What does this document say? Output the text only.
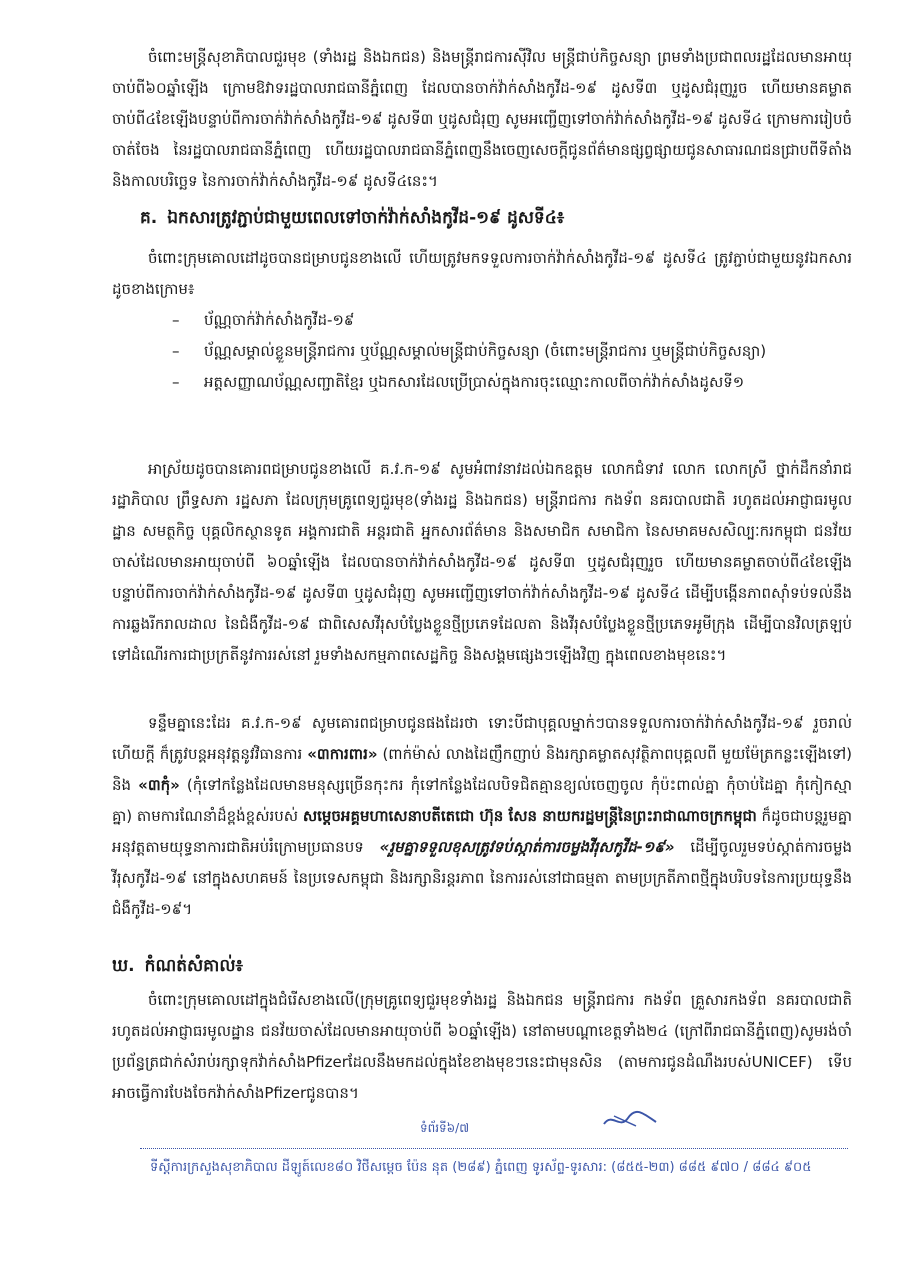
ចំពោះមន្ត្រីសុខាភិបាលជួរមុខ (ទាំងរដ្ឋ និងឯកជន) និងមន្ត្រីរាជការស៊ីវិល មន្ត្រីជាប់កិច្ចសន្យា ព្រមទាំងប្រជាពលរដ្ឋដែលមានអាយុចាប់ពី៦០ឆ្នាំឡើង ក្រោមឱវាទរដ្ឋបាលរាជធានីភ្នំពេញ ដែលបានចាក់វ៉ាក់សាំងកូវីដ-១៩ ដូសទី៣ ឬដូសជំរុញរួច ហើយមានគម្លាត ចាប់ពី៤ខែឡើងបន្ទាប់ពីការចាក់វ៉ាក់សាំងកូវីដ-១៩ ដូសទី៣ ឬដូសជំរុញ សូមអញ្ជើញទៅចាក់វ៉ាក់សាំងកូវីដ-១៩ ដូសទី៤ ក្រោមការរៀបចំចាត់ចែង នៃរដ្ឋបាលរាជធានីភ្នំពេញ ហើយរដ្ឋបាលរាជធានីភ្នំពេញនឹងចេញសេចក្តីជូនព័ត៌មានផ្សព្វផ្សាយជូនសាធារណជនជ្រាបពីទីតាំង និងកាលបរិច្ឆេទ នៃការចាក់វ៉ាក់សាំងកូវីដ-១៩ ដូសទី៤នេះ។

គ. ឯកសារត្រូវភ្ជាប់ជាមួយពេលទៅចាក់វ៉ាក់សាំងកូវីដ-១៩ ដូសទី៤៖

ចំពោះក្រុមគោលដៅដូចបានជម្រាបជូនខាងលើ ហើយត្រូវមកទទួលការចាក់វ៉ាក់សាំងកូវីដ-១៩ ដូសទី៤ ត្រូវភ្ជាប់ជាមួយនូវឯកសារដូចខាងក្រោម៖

– ប័ណ្ណចាក់វ៉ាក់សាំងកូវីដ-១៩
– ប័ណ្ណសម្គាល់ខ្លួនមន្ត្រីរាជការ ឬប័ណ្ណសម្គាល់មន្ត្រីជាប់កិច្ចសន្យា (ចំពោះមន្ត្រីរាជការ ឬមន្ត្រីជាប់កិច្ចសន្យា)
– អត្តសញ្ញាណប័ណ្ណសញ្ជាតិខ្មែរ ឬឯកសារដែលប្រើប្រាស់ក្នុងការចុះឈ្មោះកាលពីចាក់វ៉ាក់សាំងដូសទី១

អាស្រ័យដូចបានគោរពជម្រាបជូនខាងលើ គ.វ.ក-១៩ សូមអំពាវនាវដល់ឯកឧត្តម លោកជំទាវ លោក លោកស្រី ថ្នាក់ដឹកនាំរាជរដ្ឋាភិបាល ព្រឹទ្ធសភា រដ្ឋសភា ដែលក្រុមគ្រូពេទ្យជួរមុខ(ទាំងរដ្ឋ និងឯកជន) មន្ត្រីរាជការ កងទ័ព នគរបាលជាតិ រហូតដល់អាជ្ញាធរមូលដ្ឋាន សមត្ថកិច្ច បុគ្គលិកស្ថានទូត អង្គការជាតិ អន្តរជាតិ អ្នកសារព័ត៌មាន និងសមាជិក សមាជិកា នៃសមាគមសសិល្បៈករកម្ពុជា ជនវ័យចាស់ដែលមានអាយុចាប់ពី ៦០ឆ្នាំឡើង ដែលបានចាក់វ៉ាក់សាំងកូវីដ-១៩ ដូសទី៣ ឬដូសជំរុញរួច ហើយមានគម្លាតចាប់ពី៤ខែឡើង បន្ទាប់ពីការចាក់វ៉ាក់សាំងកូវីដ-១៩ ដូសទី៣ ឬដូសជំរុញ សូមអញ្ជើញទៅចាក់វ៉ាក់សាំងកូវីដ-១៩ ដូសទី៤ ដើម្បីបង្កើនភាពស៊ាំទប់ទល់នឹងការឆ្លងរីករាលដាល នៃជំងឺកូវីដ-១៩ ជាពិសេសវីរុសបំប្លែងខ្លួនថ្មីប្រភេទដែលតា និងវីរុសបំប្លែងខ្លួនថ្មីប្រភេទអូមីក្រុង ដើម្បីបានវិលត្រឡប់ទៅដំណើរការជាប្រក្រតីនូវការរស់នៅ រួមទាំងសកម្មភាពសេដ្ឋកិច្ច និងសង្គមផ្សេងៗឡើងវិញ ក្នុងពេលខាងមុខនេះ។

ទន្ទឹមគ្នានេះដែរ គ.វ.ក-១៩ សូមគោរពជម្រាបជូនផងដែរថា ទោះបីជាបុគ្គលម្នាក់ៗបានទទួលការចាក់វ៉ាក់សាំងកូវីដ-១៩ រួចរាល់ហើយក្តី ក៏ត្រូវបន្តអនុវត្តនូវវិធានការ «៣ការពារ» (ពាក់ម៉ាស់ លាងដៃញឹកញាប់ និងរក្សាគម្លាតសុវត្ថិភាពបុគ្គលពី មួយម៉ែត្រកន្លះឡើងទៅ) និង «៣កុំ» (កុំទៅកន្លែងដែលមានមនុស្សច្រើនកុះករ កុំទៅកន្លែងដែលបិទជិតគ្មានខ្យល់ចេញចូល កុំប៉ះពាល់គ្នា កុំចាប់ដៃគ្នា កុំកៀកស្មាគ្នា) តាមការណែនាំដ៏ខ្ពង់ខ្ពស់របស់ សម្តេចអគ្គមហាសេនាបតីតេជោ ហ៊ុន សែន នាយករដ្ឋមន្ត្រីនៃព្រះរាជាណាចក្រកម្ពុជា ក៏ដូចជាបន្តរួមគ្នាអនុវត្តតាមយុទ្ធនាការជាតិអប់រំក្រោមប្រធានបទ «រួមគ្នាទទួលខុសត្រូវទប់ស្កាត់ការចម្លងវីរុសកូវីដ-១៩» ដើម្បីចូលរួមទប់ស្កាត់ការចម្លងវីរុសកូវីដ-១៩ នៅក្នុងសហគមន៍ នៃប្រទេសកម្ពុជា និងរក្សានិរន្តរភាព នៃការរស់នៅជាធម្មតា តាមប្រក្រតីភាពថ្មីក្នុងបរិបទនៃការប្រយុទ្ធនឹងជំងឺកូវីដ-១៩។

ឃ. កំណត់សំគាល់៖

ចំពោះក្រុមគោលដៅក្នុងជំរើសខាងលើ(ក្រុមគ្រូពេទ្យជួរមុខទាំងរដ្ឋ និងឯកជន មន្ត្រីរាជការ កងទ័ព គ្រួសារកងទ័ព នគរបាលជាតិ រហូតដល់អាជ្ញាធរមូលដ្ឋាន ជនវ័យចាស់ដែលមានអាយុចាប់ពី ៦០ឆ្នាំឡើង) នៅតាមបណ្តាខេត្តទាំង២៤ (ក្រៅពីរាជធានីភ្នំពេញ)សូមរង់ចាំប្រព័ន្ធត្រជាក់សំរាប់រក្សាទុកវ៉ាក់សាំងPfizerដែលនឹងមកដល់ក្នុងខែខាងមុខៗនេះជាមុនសិន (តាមការជូនដំណឹងរបស់UNICEF) ទើបអាចធ្វើការបែងចែកវ៉ាក់សាំងPfizerជូនបាន។

ទំព័រទី៦/៧
ទីស្តីការក្រសួងសុខាភិបាល ដីឡូត៍លេខ៨០ វិថីសម្តេច ប៉ែន នុត (២៨៩) ភ្នំពេញ ទូរស័ព្ទ-ទូរសារ: (៨៥៥-២៣) ៨៨៥ ៩៧០ / ៨៨៤ ៩០៥
